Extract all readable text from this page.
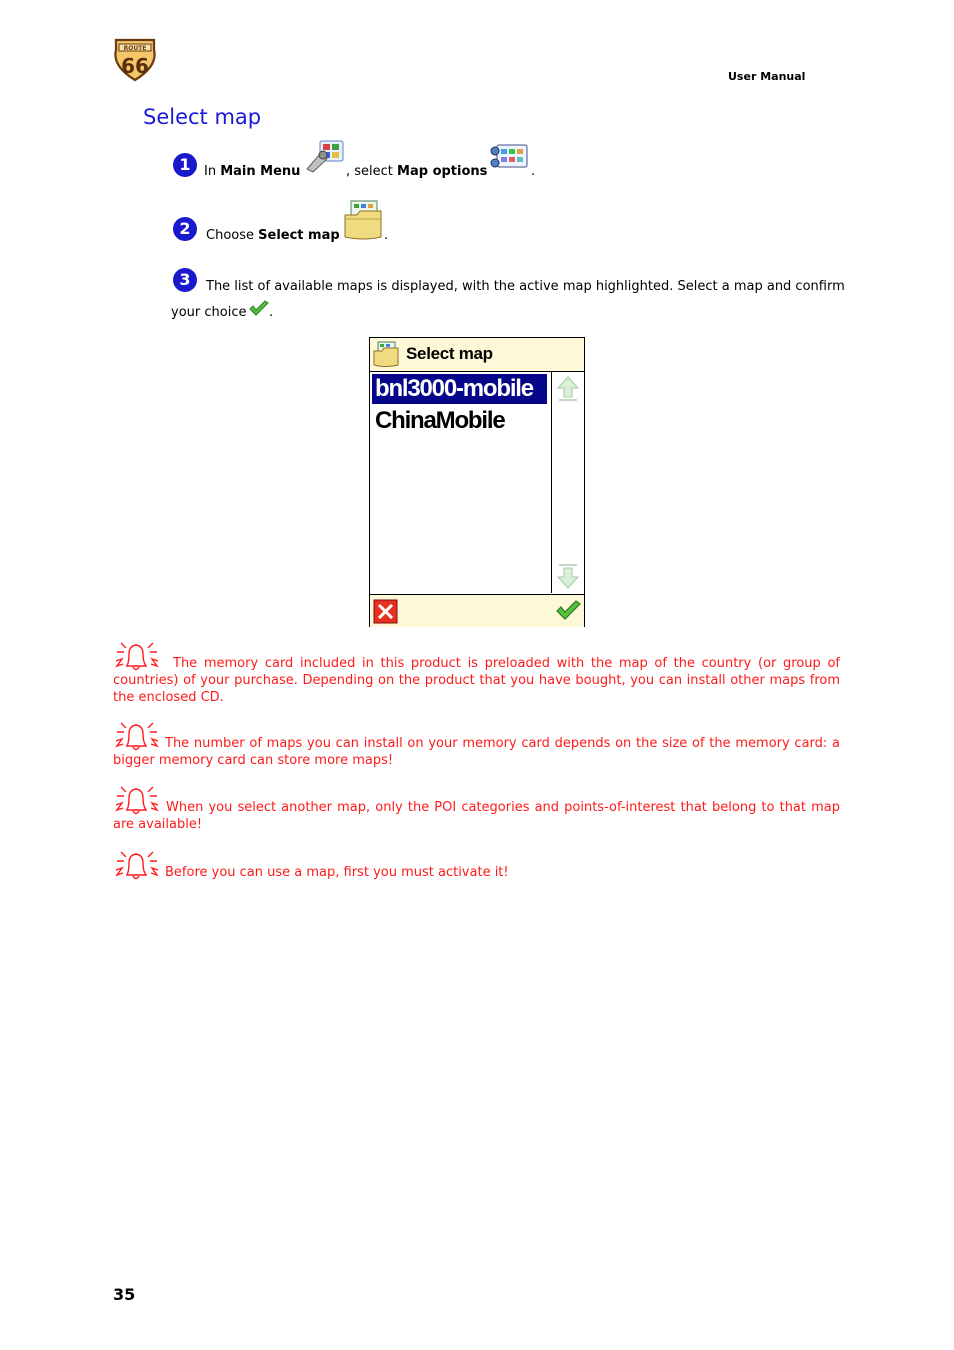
ROUTE
66	User Manual
Select map
1	In Main Menu	, select Map options	.
2	Choose Select map	.
3	The list of available maps is displayed, with the active map highlighted. Select a map and confirm
your choice .
Select map
bnl3000-mobile
ChinaMobile
The memory card included in this product is preloaded with the map of the country (or group of countries) of your purchase. Depending on the product that you have bought, you can install other maps from the enclosed CD.
The number of maps you can install on your memory card depends on the size of the memory card: a bigger memory card can store more maps!
When you select another map, only the POI categories and points-of-interest that belong to that map are available!
Before you can use a map, first you must activate it!
35
